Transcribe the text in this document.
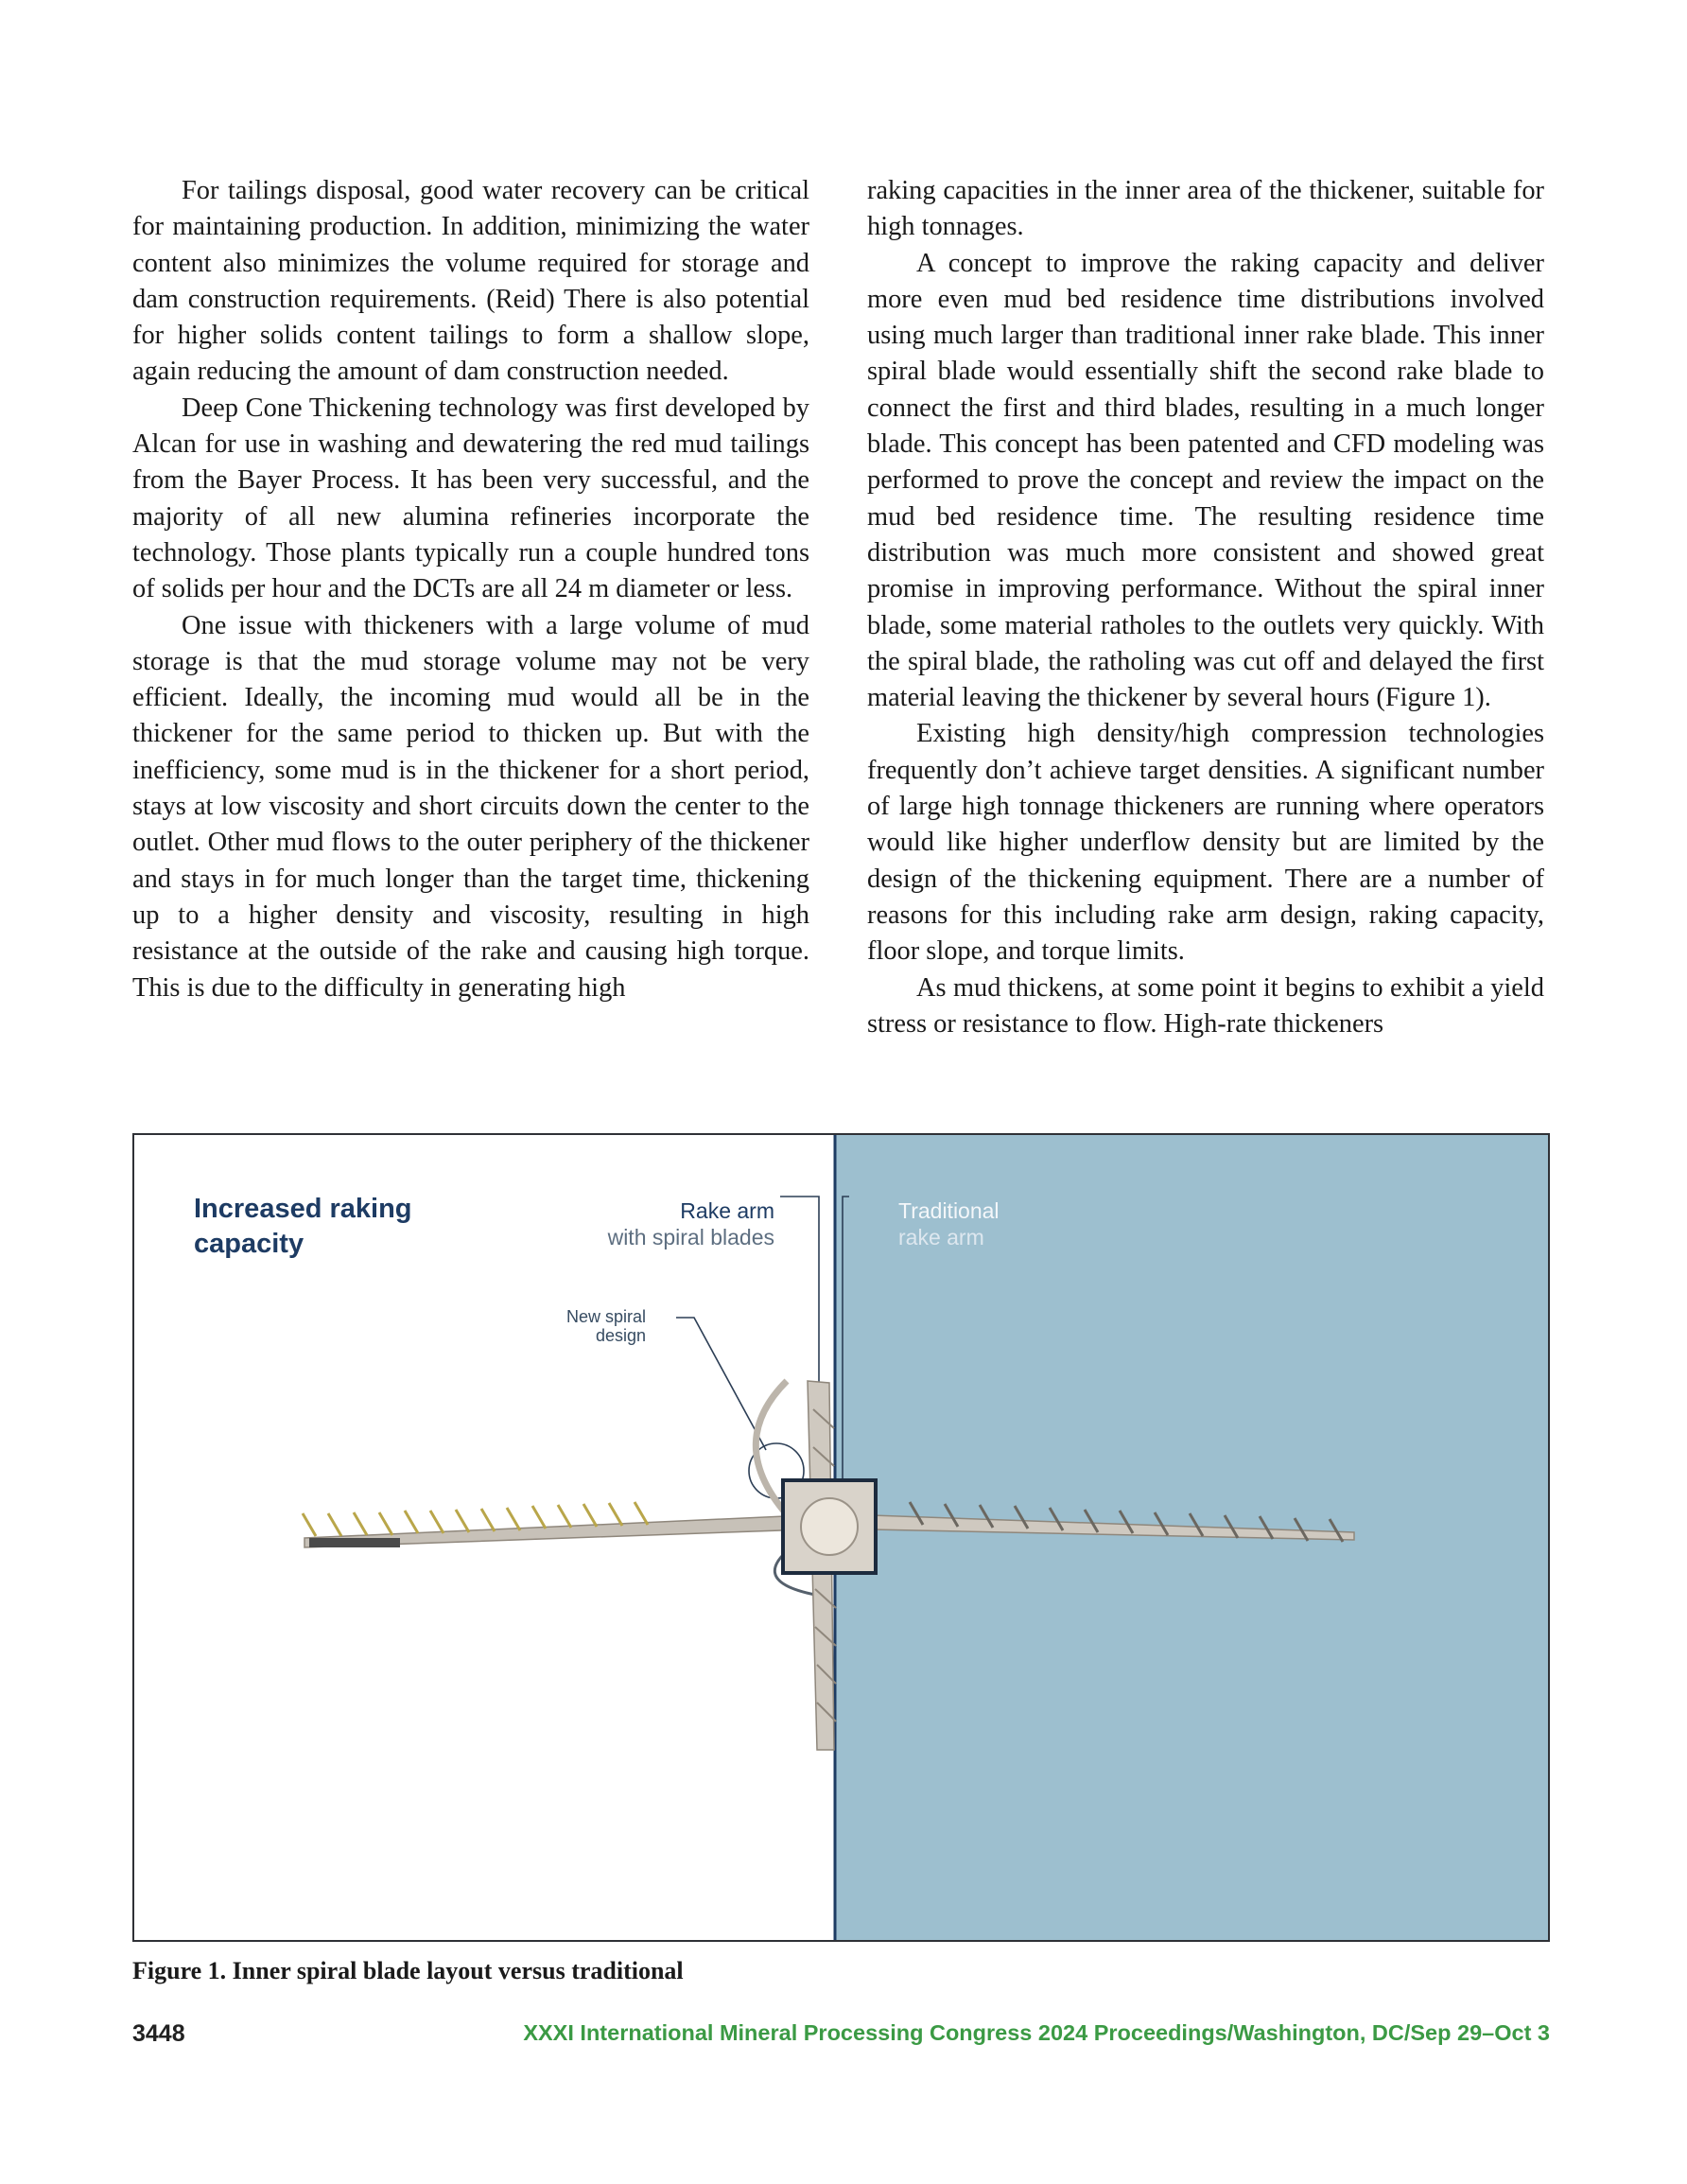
For tailings disposal, good water recovery can be critical for maintaining production. In addition, minimizing the water content also minimizes the volume required for storage and dam construction requirements. (Reid) There is also potential for higher solids content tailings to form a shallow slope, again reducing the amount of dam construction needed.

Deep Cone Thickening technology was first developed by Alcan for use in washing and dewatering the red mud tailings from the Bayer Process. It has been very successful, and the majority of all new alumina refineries incorporate the technology. Those plants typically run a couple hundred tons of solids per hour and the DCTs are all 24 m diameter or less.

One issue with thickeners with a large volume of mud storage is that the mud storage volume may not be very efficient. Ideally, the incoming mud would all be in the thickener for the same period to thicken up. But with the inefficiency, some mud is in the thickener for a short period, stays at low viscosity and short circuits down the center to the outlet. Other mud flows to the outer periphery of the thickener and stays in for much longer than the target time, thickening up to a higher density and viscosity, resulting in high resistance at the outside of the rake and causing high torque. This is due to the difficulty in generating high

raking capacities in the inner area of the thickener, suitable for high tonnages.

A concept to improve the raking capacity and deliver more even mud bed residence time distributions involved using much larger than traditional inner rake blade. This inner spiral blade would essentially shift the second rake blade to connect the first and third blades, resulting in a much longer blade. This concept has been patented and CFD modeling was performed to prove the concept and review the impact on the mud bed residence time. The resulting residence time distribution was much more consistent and showed great promise in improving performance. Without the spiral inner blade, some material ratholes to the outlets very quickly. With the spiral blade, the ratholing was cut off and delayed the first material leaving the thickener by several hours (Figure 1).

Existing high density/high compression technologies frequently don’t achieve target densities. A significant number of large high tonnage thickeners are running where operators would like higher underflow density but are limited by the design of the thickening equipment. There are a number of reasons for this including rake arm design, raking capacity, floor slope, and torque limits.

As mud thickens, at some point it begins to exhibit a yield stress or resistance to flow. High-rate thickeners

Increased raking
capacity
Rake arm
with spiral blades
New spiral
design
Traditional
rake arm
Figure 1. Inner spiral blade layout versus traditional
3448	XXXI International Mineral Processing Congress 2024 Proceedings/Washington, DC/Sep 29–Oct 3
